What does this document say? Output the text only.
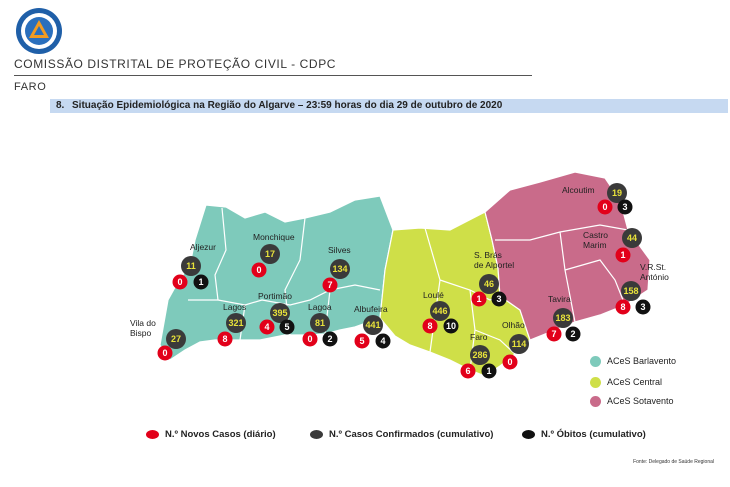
COMISSÃO DISTRITAL DE PROTEÇÃO CIVIL - CDPC
FARO
8. Situação Epidemiológica na Região do Algarve – 23:59 horas do dia 29 de outubro de 2020
Aljezur
11
0 1
Monchique
17
0
Silves
134
7
Lagos
321
8
Portimão
395
4 5
Lagoa
81
0 2
Vila do Bispo
27
0
Albufeira
441
5 4
Loulé
446
8 10
S. Brás de Alportel
46
1 3
Faro
286
6 1
Olhão
114
0
Alcoutim 19
0 3
Castro Marim
44
1
V.R.St. António
158
8 3
Tavira
183
7 2
ACeS Barlavento
ACeS Central
ACeS Sotavento
N.º Novos Casos (diário)	N.º Casos Confirmados (cumulativo)	N.º Óbitos (cumulativo)
Fonte: Delegado de Saúde Regional
